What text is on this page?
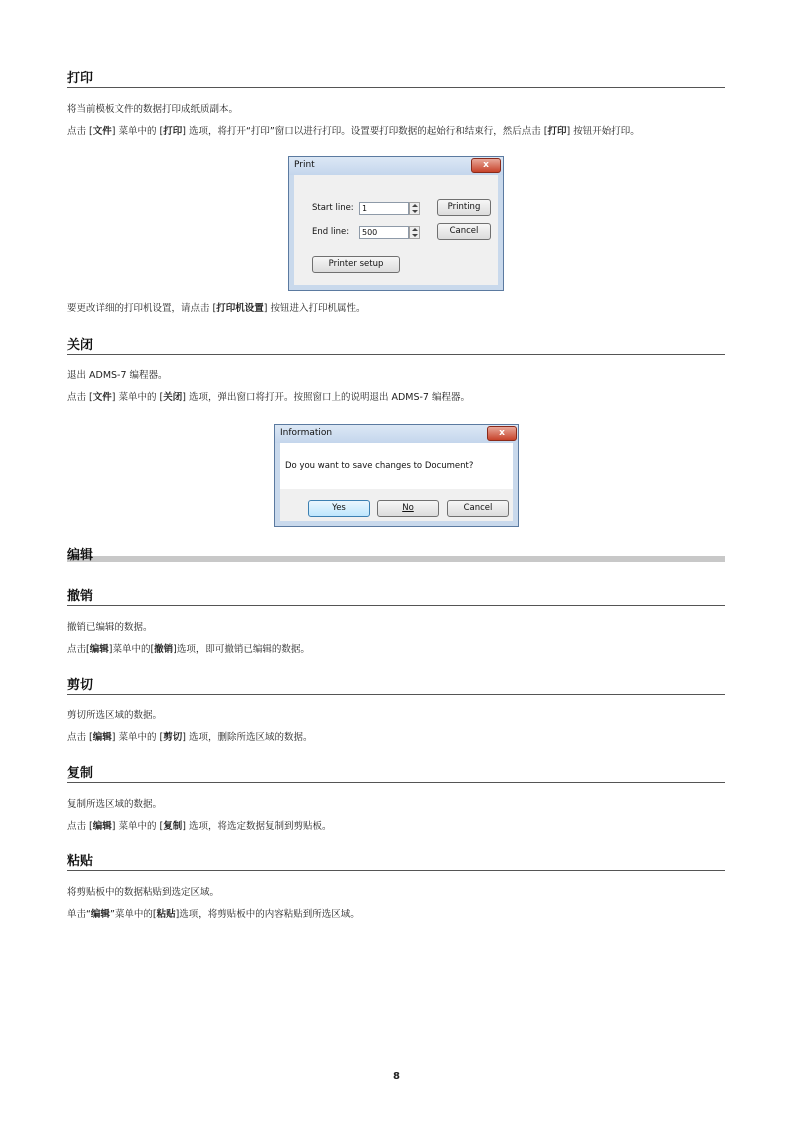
打印
将当前模板文件的数据打印成纸质副本。
点击 [文件] 菜单中的 [打印] 选项，将打开“打印”窗口以进行打印。设置要打印数据的起始行和结束行，然后点击 [打印] 按钮开始打印。
Print	x
Start line:	1
End line:	500
Printing
Cancel
Printer setup
要更改详细的打印机设置，请点击 [打印机设置] 按钮进入打印机属性。
关闭
退出 ADMS-7 编程器。
点击 [文件] 菜单中的 [关闭] 选项，弹出窗口将打开。按照窗口上的说明退出 ADMS-7 编程器。
Information	x
Do you want to save changes to Document?
Yes	No	Cancel
编辑
撤销
撤销已编辑的数据。
点击[编辑]菜单中的[撤销]选项，即可撤销已编辑的数据。
剪切
剪切所选区域的数据。
点击 [编辑] 菜单中的 [剪切] 选项，删除所选区域的数据。
复制
复制所选区域的数据。
点击 [编辑] 菜单中的 [复制] 选项，将选定数据复制到剪贴板。
粘贴
将剪贴板中的数据粘贴到选定区域。
单击“编辑”菜单中的[粘贴]选项，将剪贴板中的内容粘贴到所选区域。
8
